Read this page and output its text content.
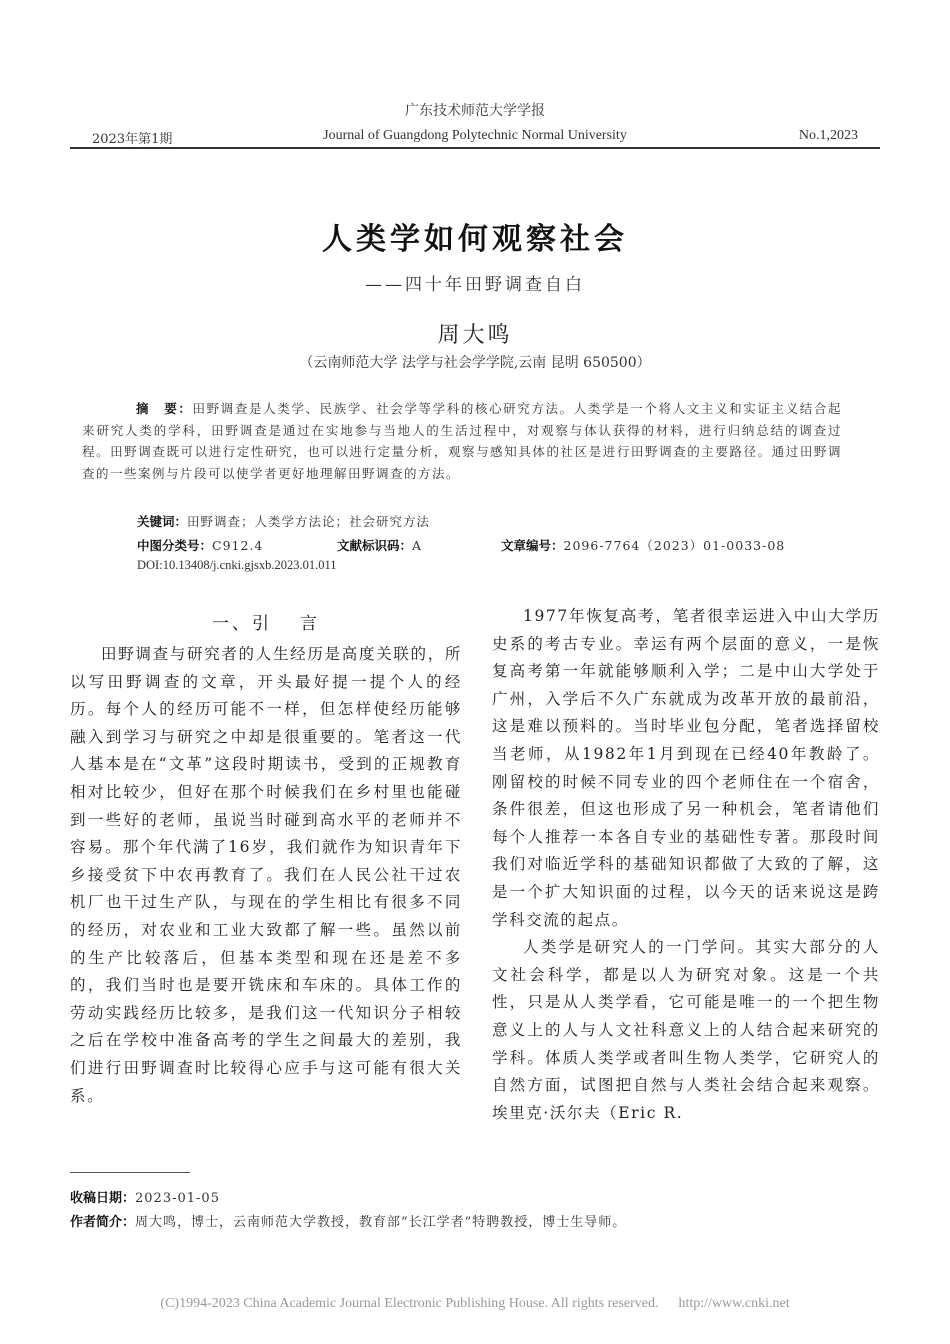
广东技术师范大学学报
2023年第1期	Journal of Guangdong Polytechnic Normal University	No.1,2023
人类学如何观察社会
——四十年田野调查自白
周大鸣
（云南师范大学 法学与社会学学院,云南 昆明 650500）
摘　要：田野调查是人类学、民族学、社会学等学科的核心研究方法。人类学是一个将人文主义和实证主义结合起来研究人类的学科，田野调查是通过在实地参与当地人的生活过程中，对观察与体认获得的材料，进行归纳总结的调查过程。田野调查既可以进行定性研究，也可以进行定量分析，观察与感知具体的社区是进行田野调查的主要路径。通过田野调查的一些案例与片段可以使学者更好地理解田野调查的方法。
关键词：田野调查；人类学方法论；社会研究方法
中图分类号：C912.4	文献标识码：A	文章编号：2096-7764（2023）01-0033-08
DOI:10.13408/j.cnki.gjsxb.2023.01.011
一、引 言

田野调查与研究者的人生经历是高度关联的，所以写田野调查的文章，开头最好提一提个人的经历。每个人的经历可能不一样，但怎样使经历能够融入到学习与研究之中却是很重要的。笔者这一代人基本是在“文革”这段时期读书，受到的正规教育相对比较少，但好在那个时候我们在乡村里也能碰到一些好的老师，虽说当时碰到高水平的老师并不容易。那个年代满了16岁，我们就作为知识青年下乡接受贫下中农再教育了。我们在人民公社干过农机厂也干过生产队，与现在的学生相比有很多不同的经历，对农业和工业大致都了解一些。虽然以前的生产比较落后，但基本类型和现在还是差不多的，我们当时也是要开铣床和车床的。具体工作的劳动实践经历比较多，是我们这一代知识分子相较之后在学校中准备高考的学生之间最大的差别，我们进行田野调查时比较得心应手与这可能有很大关系。

1977年恢复高考，笔者很幸运进入中山大学历史系的考古专业。幸运有两个层面的意义，一是恢复高考第一年就能够顺利入学；二是中山大学处于广州，入学后不久广东就成为改革开放的最前沿，这是难以预料的。当时毕业包分配，笔者选择留校当老师，从1982年1月到现在已经40年教龄了。刚留校的时候不同专业的四个老师住在一个宿舍，条件很差，但这也形成了另一种机会，笔者请他们每个人推荐一本各自专业的基础性专著。那段时间我们对临近学科的基础知识都做了大致的了解，这是一个扩大知识面的过程，以今天的话来说这是跨学科交流的起点。

人类学是研究人的一门学问。其实大部分的人文社会科学，都是以人为研究对象。这是一个共性，只是从人类学看，它可能是唯一的一个把生物意义上的人与人文社科意义上的人结合起来研究的学科。体质人类学或者叫生物人类学，它研究人的自然方面，试图把自然与人类社会结合起来观察。埃里克·沃尔夫（Eric R.

收稿日期：2023-01-05
作者简介：周大鸣，博士，云南师范大学教授，教育部“长江学者”特聘教授，博士生导师。
(C)1994-2023 China Academic Journal Electronic Publishing House. All rights reserved. http://www.cnki.net
